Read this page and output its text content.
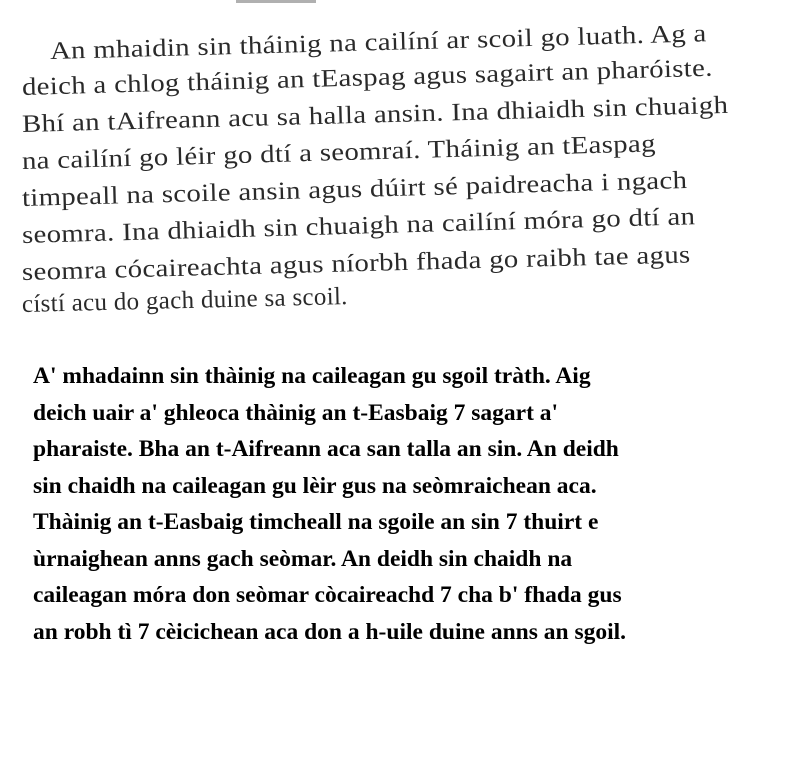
An mhaidin sin tháinig na cailíní ar scoil go luath. Ag a
deich a chlog tháinig an tEaspag agus sagairt an pharóiste.
Bhí an tAifreann acu sa halla ansin. Ina dhiaidh sin chuaigh
na cailíní go léir go dtí a seomraí. Tháinig an tEaspag
timpeall na scoile ansin agus dúirt sé paidreacha i ngach
seomra. Ina dhiaidh sin chuaigh na cailíní móra go dtí an
seomra cócaireachta agus níorbh fhada go raibh tae agus
cístí acu do gach duine sa scoil.
A' mhadainn sin thàinig na caileagan gu sgoil tràth. Aig
deich uair a' ghleoca thàinig an t-Easbaig 7 sagart a'
pharaiste. Bha an t-Aifreann aca san talla an sin. An deidh
sin chaidh na caileagan gu lèir gus na seòmraichean aca.
Thàinig an t-Easbaig timcheall na sgoile an sin 7 thuirt e
ùrnaighean anns gach seòmar. An deidh sin chaidh na
caileagan móra don seòmar còcaireachd 7 cha b' fhada gus
an robh tì 7 cèicichean aca don a h-uile duine anns an sgoil.
